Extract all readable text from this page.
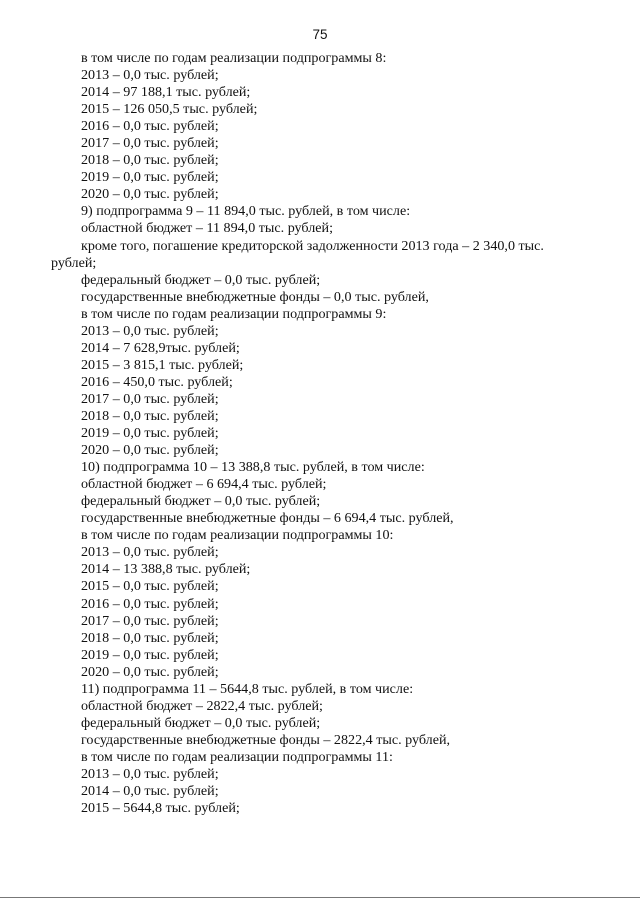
75
в том числе по годам реализации подпрограммы 8:
2013 – 0,0 тыс. рублей;
2014 – 97 188,1 тыс. рублей;
2015 – 126 050,5 тыс. рублей;
2016 – 0,0 тыс. рублей;
2017 – 0,0 тыс. рублей;
2018 – 0,0 тыс. рублей;
2019 – 0,0 тыс. рублей;
2020 – 0,0 тыс. рублей;
9) подпрограмма 9 – 11 894,0 тыс. рублей, в том числе:
областной бюджет – 11 894,0 тыс. рублей;
кроме того, погашение кредиторской задолженности 2013 года – 2 340,0 тыс.
рублей;
федеральный бюджет – 0,0 тыс. рублей;
государственные внебюджетные фонды – 0,0 тыс. рублей,
в том числе по годам реализации подпрограммы 9:
2013 – 0,0 тыс. рублей;
2014 – 7 628,9тыс. рублей;
2015 – 3 815,1 тыс. рублей;
2016 – 450,0 тыс. рублей;
2017 – 0,0 тыс. рублей;
2018 – 0,0 тыс. рублей;
2019 – 0,0 тыс. рублей;
2020 – 0,0 тыс. рублей;
10) подпрограмма 10 – 13 388,8 тыс. рублей, в том числе:
областной бюджет – 6 694,4 тыс. рублей;
федеральный бюджет – 0,0 тыс. рублей;
государственные внебюджетные фонды – 6 694,4 тыс. рублей,
в том числе по годам реализации подпрограммы 10:
2013 – 0,0 тыс. рублей;
2014 – 13 388,8 тыс. рублей;
2015 – 0,0 тыс. рублей;
2016 – 0,0 тыс. рублей;
2017 – 0,0 тыс. рублей;
2018 – 0,0 тыс. рублей;
2019 – 0,0 тыс. рублей;
2020 – 0,0 тыс. рублей;
11) подпрограмма 11 – 5644,8 тыс. рублей, в том числе:
областной бюджет – 2822,4 тыс. рублей;
федеральный бюджет – 0,0 тыс. рублей;
государственные внебюджетные фонды – 2822,4 тыс. рублей,
в том числе по годам реализации подпрограммы 11:
2013 – 0,0 тыс. рублей;
2014 – 0,0 тыс. рублей;
2015 – 5644,8 тыс. рублей;
